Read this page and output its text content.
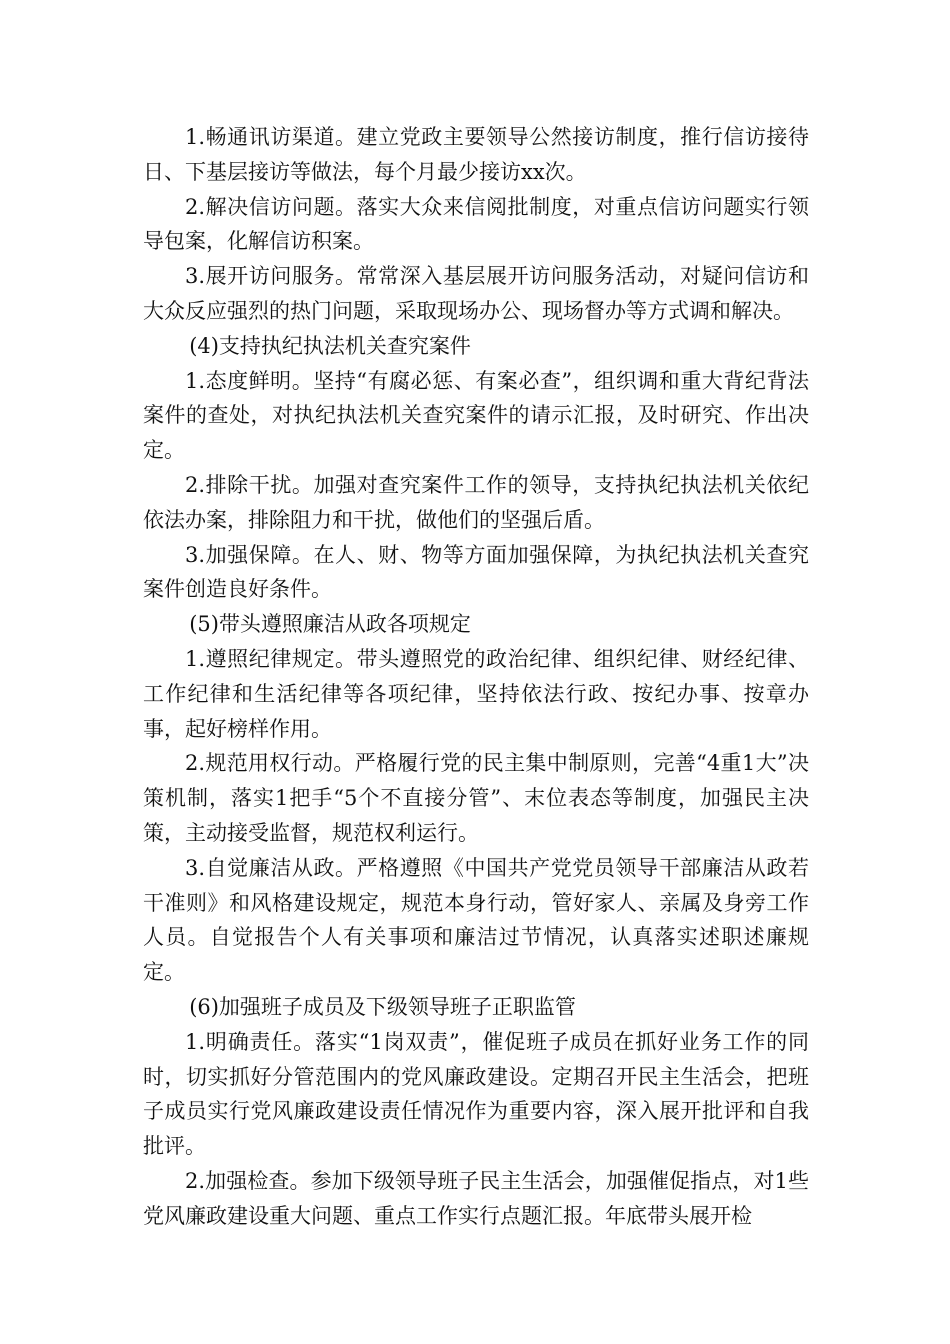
1.畅通讯访渠道。建立党政主要领导公然接访制度，推行信访接待日、下基层接访等做法，每个月最少接访xx次。

2.解决信访问题。落实大众来信阅批制度，对重点信访问题实行领导包案，化解信访积案。

3.展开访问服务。常常深入基层展开访问服务活动，对疑问信访和大众反应强烈的热门问题，采取现场办公、现场督办等方式调和解决。

(4)支持执纪执法机关查究案件

1.态度鲜明。坚持“有腐必惩、有案必查”，组织调和重大背纪背法案件的查处，对执纪执法机关查究案件的请示汇报，及时研究、作出决定。

2.排除干扰。加强对查究案件工作的领导，支持执纪执法机关依纪依法办案，排除阻力和干扰，做他们的坚强后盾。

3.加强保障。在人、财、物等方面加强保障，为执纪执法机关查究案件创造良好条件。

(5)带头遵照廉洁从政各项规定

1.遵照纪律规定。带头遵照党的政治纪律、组织纪律、财经纪律、工作纪律和生活纪律等各项纪律，坚持依法行政、按纪办事、按章办事，起好榜样作用。

2.规范用权行动。严格履行党的民主集中制原则，完善“4重1大”决策机制，落实1把手“5个不直接分管”、末位表态等制度，加强民主决策，主动接受监督，规范权利运行。

3.自觉廉洁从政。严格遵照《中国共产党党员领导干部廉洁从政若干准则》和风格建设规定，规范本身行动，管好家人、亲属及身旁工作人员。自觉报告个人有关事项和廉洁过节情况，认真落实述职述廉规定。

(6)加强班子成员及下级领导班子正职监管

1.明确责任。落实“1岗双责”，催促班子成员在抓好业务工作的同时，切实抓好分管范围内的党风廉政建设。定期召开民主生活会，把班子成员实行党风廉政建设责任情况作为重要内容，深入展开批评和自我批评。

2.加强检查。参加下级领导班子民主生活会，加强催促指点，对1些党风廉政建设重大问题、重点工作实行点题汇报。年底带头展开检
